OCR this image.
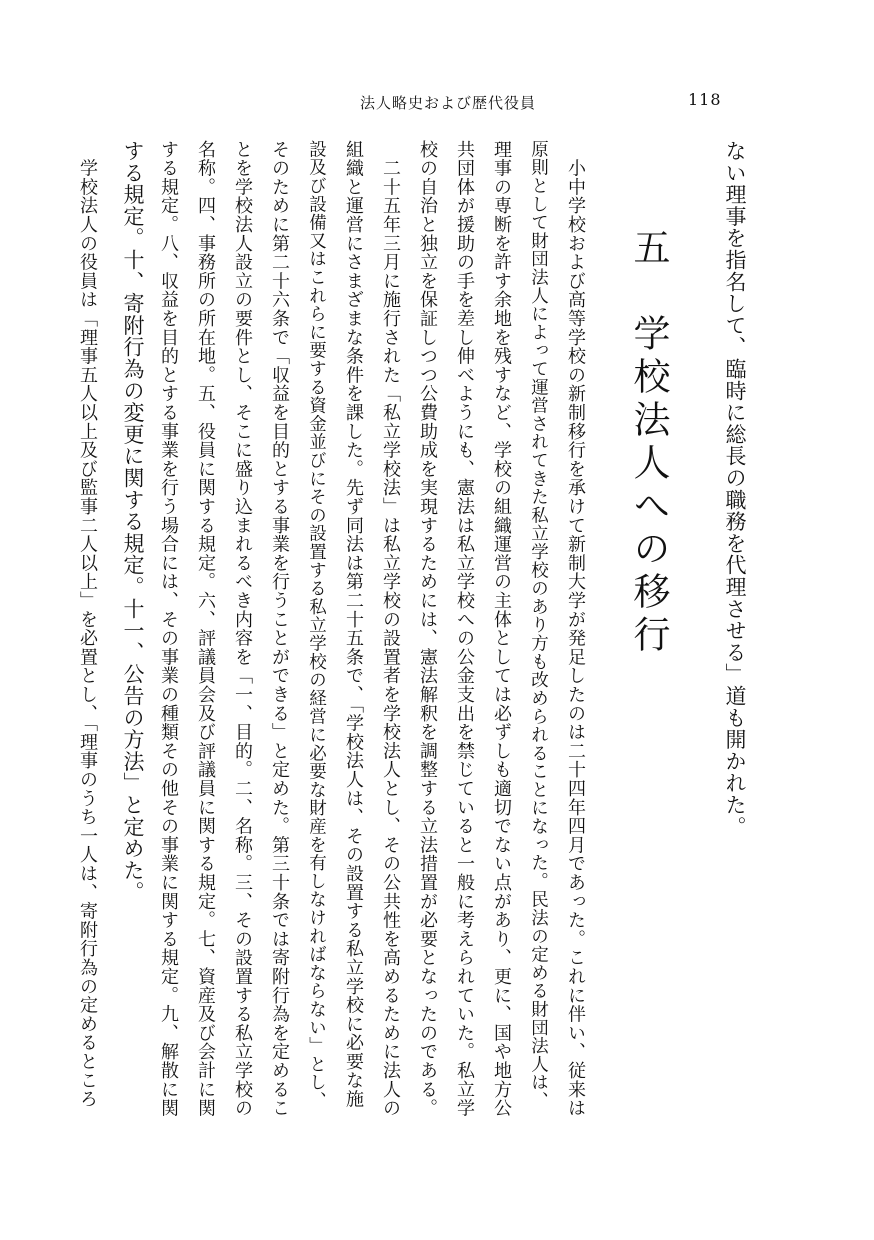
法人略史および歴代役員	118
ない理事を指名して、臨時に総長の職務を代理させる」道も開かれた。
五　学校法人への移行
　小中学校および高等学校の新制移行を承けて新制大学が発足したのは二十四年四月であった。これに伴い、従来は
原則として財団法人によって運営されてきた私立学校のあり方も改められることになった。民法の定める財団法人は、
理事の専断を許す余地を残すなど、学校の組織運営の主体としては必ずしも適切でない点があり、更に、国や地方公
共団体が援助の手を差し伸べようにも、憲法は私立学校への公金支出を禁じていると一般に考えられていた。私立学
校の自治と独立を保証しつつ公費助成を実現するためには、憲法解釈を調整する立法措置が必要となったのである。
　二十五年三月に施行された「私立学校法」は私立学校の設置者を学校法人とし、その公共性を高めるために法人の
組織と運営にさまざまな条件を課した。先ず同法は第二十五条で、「学校法人は、その設置する私立学校に必要な施
設及び設備又はこれらに要する資金並びにその設置する私立学校の経営に必要な財産を有しなければならない」とし、
そのために第二十六条で「収益を目的とする事業を行うことができる」と定めた。第三十条では寄附行為を定めるこ
とを学校法人設立の要件とし、そこに盛り込まれるべき内容を「一、目的。二、名称。三、その設置する私立学校の
名称。四、事務所の所在地。五、役員に関する規定。六、評議員会及び評議員に関する規定。七、資産及び会計に関
する規定。八、収益を目的とする事業を行う場合には、その事業の種類その他その事業に関する規定。九、解散に関
する規定。十、寄附行為の変更に関する規定。十一、公告の方法」と定めた。
　学校法人の役員は「理事五人以上及び監事二人以上」を必置とし、「理事のうち一人は、寄附行為の定めるところ
